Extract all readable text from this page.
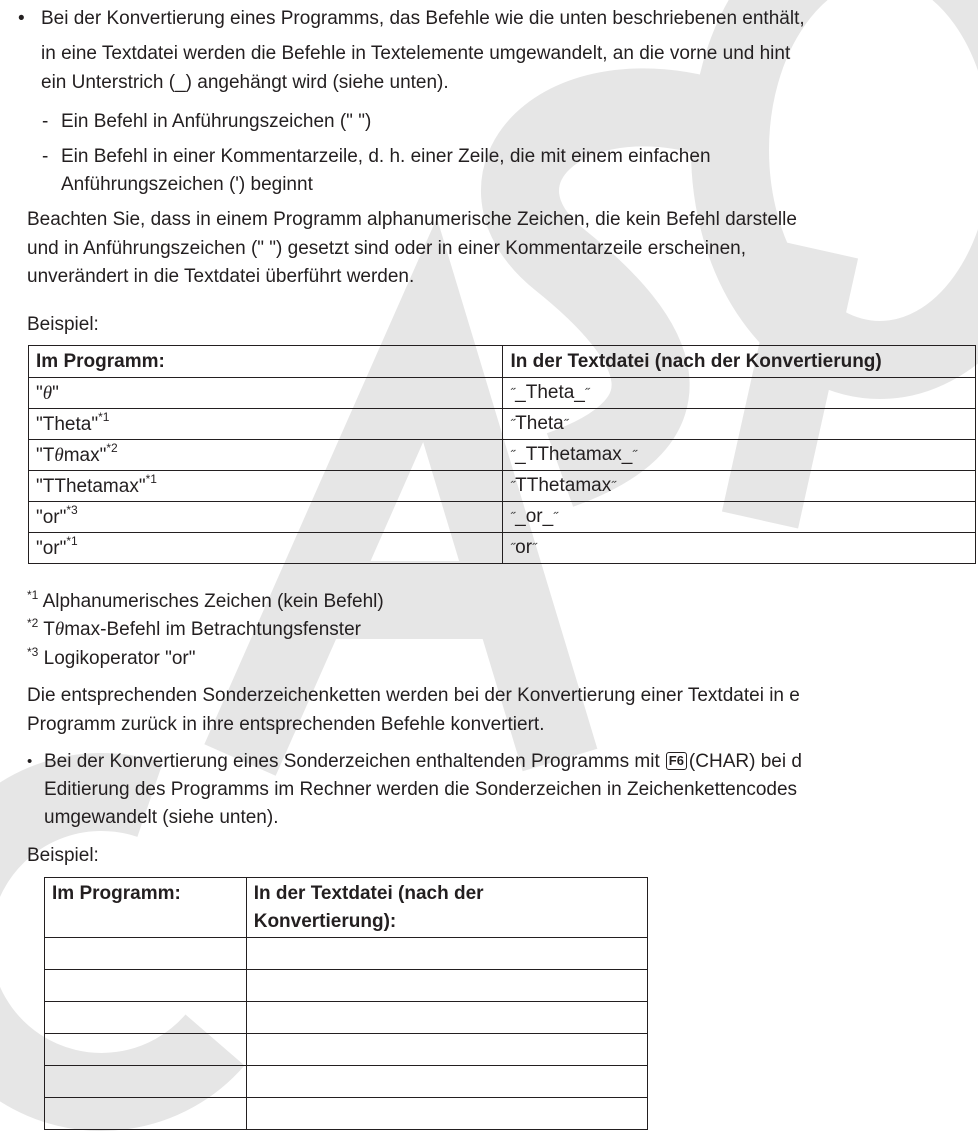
• Bei der Konvertierung eines Programms, das Befehle wie die unten beschriebenen enthält,
in eine Textdatei werden die Befehle in Textelemente umgewandelt, an die vorne und hint
ein Unterstrich (_) angehängt wird (siehe unten).
- Ein Befehl in Anführungszeichen (" ")
- Ein Befehl in einer Kommentarzeile, d. h. einer Zeile, die mit einem einfachen
Anführungszeichen (') beginnt
Beachten Sie, dass in einem Programm alphanumerische Zeichen, die kein Befehl darstelle
und in Anführungszeichen (" ") gesetzt sind oder in einer Kommentarzeile erscheinen,
unverändert in die Textdatei überführt werden.
Beispiel:
Im Programm:	In der Textdatei (nach der Konvertierung)
"θ"	˝_Theta_˝
"Theta"$^{*1}$	˝Theta˝
"Tθmax"$^{*2}$	˝_TThetamax_˝
"TThetamax"$^{*1}$	˝TThetamax˝
"or"$^{*3}$	˝_or_˝
"or"$^{*1}$	˝or˝
$^{*1}$ Alphanumerisches Zeichen (kein Befehl)
$^{*2}$ Tθmax-Befehl im Betrachtungsfenster
$^{*3}$ Logikoperator "or"
Die entsprechenden Sonderzeichenketten werden bei der Konvertierung einer Textdatei in e
Programm zurück in ihre entsprechenden Befehle konvertiert.
• Bei der Konvertierung eines Sonderzeichen enthaltenden Programms mit F6 (CHAR) bei d
Editierung des Programms im Rechner werden die Sonderzeichen in Zeichenkettencodes
umgewandelt (siehe unten).
Beispiel:
Im Programm:	In der Textdatei (nach der
Konvertierung):
